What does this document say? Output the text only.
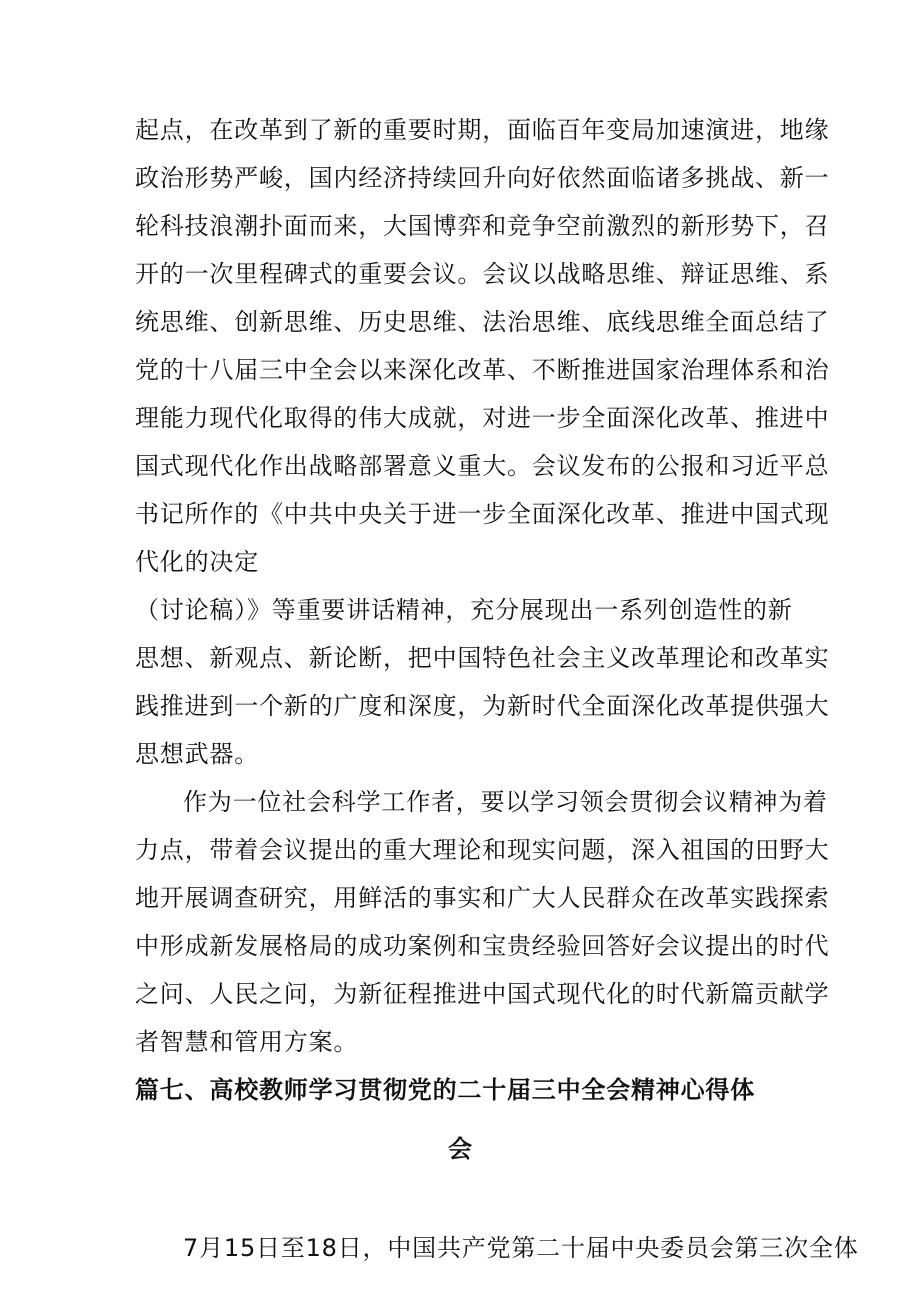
起点，在改革到了新的重要时期，面临百年变局加速演进，地缘
政治形势严峻，国内经济持续回升向好依然面临诸多挑战、新一
轮科技浪潮扑面而来，大国博弈和竞争空前激烈的新形势下，召
开的一次里程碑式的重要会议。会议以战略思维、辩证思维、系
统思维、创新思维、历史思维、法治思维、底线思维全面总结了
党的十八届三中全会以来深化改革、不断推进国家治理体系和治
理能力现代化取得的伟大成就，对进一步全面深化改革、推进中
国式现代化作出战略部署意义重大。会议发布的公报和习近平总
书记所作的《中共中央关于进一步全面深化改革、推进中国式现
代化的决定
（讨论稿）》等重要讲话精神，充分展现出一系列创造性的新
思想、新观点、新论断，把中国特色社会主义改革理论和改革实
践推进到一个新的广度和深度，为新时代全面深化改革提供强大
思想武器。
作为一位社会科学工作者，要以学习领会贯彻会议精神为着
力点，带着会议提出的重大理论和现实问题，深入祖国的田野大
地开展调查研究，用鲜活的事实和广大人民群众在改革实践探索
中形成新发展格局的成功案例和宝贵经验回答好会议提出的时代
之问、人民之问，为新征程推进中国式现代化的时代新篇贡献学
者智慧和管用方案。
篇七、高校教师学习贯彻党的二十届三中全会精神心得体
会
7月15日至18日，中国共产党第二十届中央委员会第三次全体
